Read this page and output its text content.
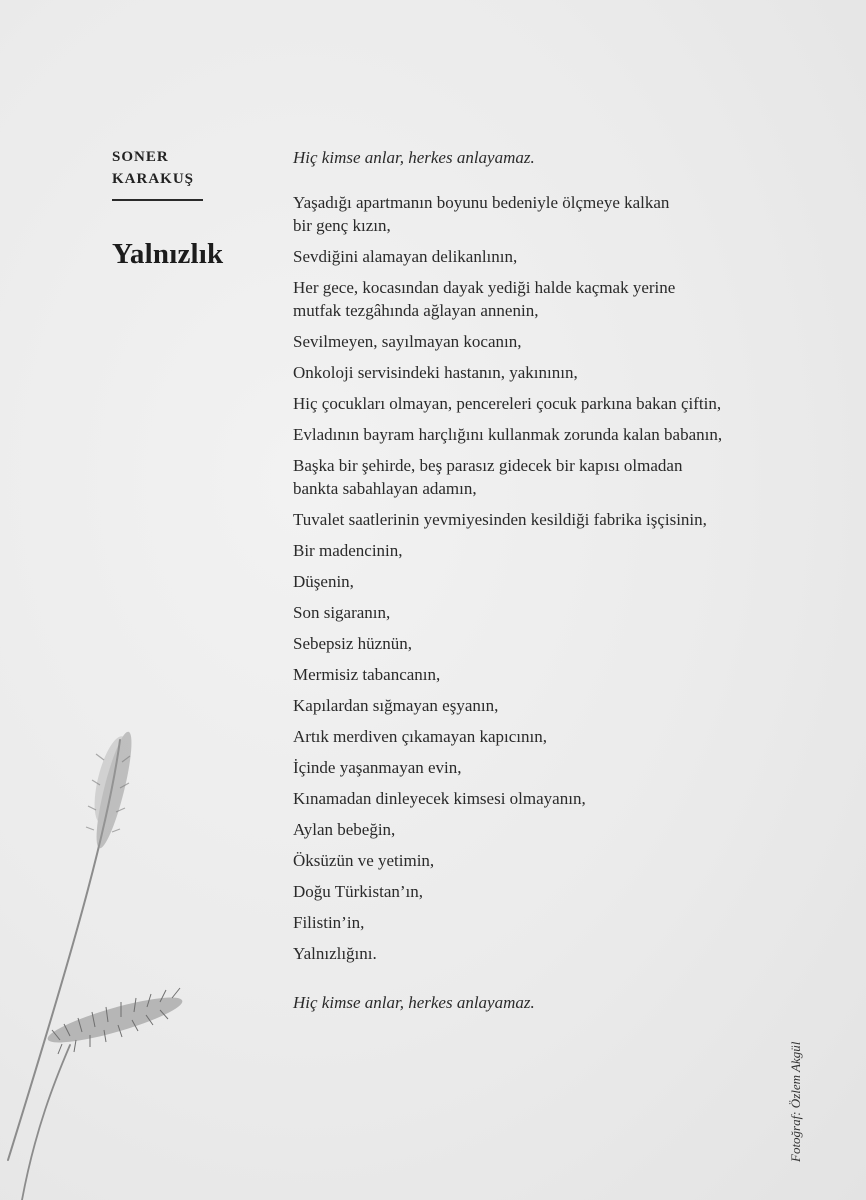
SONER
KARAKUŞ
Yalnızlık

Hiç kimse anlar, herkes anlayamaz.

Yaşadığı apartmanın boyunu bedeniyle ölçmeye kalkan
bir genç kızın,

Sevdiğini alamayan delikanlının,

Her gece, kocasından dayak yediği halde kaçmak yerine
mutfak tezgâhında ağlayan annenin,

Sevilmeyen, sayılmayan kocanın,

Onkoloji servisindeki hastanın, yakınının,

Hiç çocukları olmayan, pencereleri çocuk parkına bakan çiftin,

Evladının bayram harçlığını kullanmak zorunda kalan babanın,

Başka bir şehirde, beş parasız gidecek bir kapısı olmadan
bankta sabahlayan adamın,

Tuvalet saatlerinin yevmiyesinden kesildiği fabrika işçisinin,

Bir madencinin,

Düşenin,

Son sigaranın,

Sebepsiz hüznün,

Mermisiz tabancanın,

Kapılardan sığmayan eşyanın,

Artık merdiven çıkamayan kapıcının,

İçinde yaşanmayan evin,

Kınamadan dinleyecek kimsesi olmayanın,

Aylan bebeğin,

Öksüzün ve yetimin,

Doğu Türkistan’ın,

Filistin’in,

Yalnızlığını.

Hiç kimse anlar, herkes anlayamaz.

Fotoğraf: Özlem Akgül
